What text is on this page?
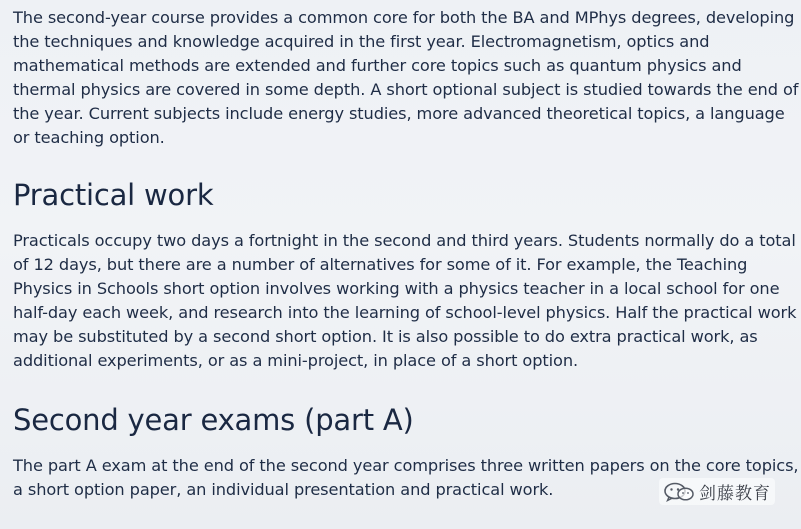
The second-year course provides a common core for both the BA and MPhys degrees, developing the techniques and knowledge acquired in the first year. Electromagnetism, optics and mathematical methods are extended and further core topics such as quantum physics and thermal physics are covered in some depth. A short optional subject is studied towards the end of the year. Current subjects include energy studies, more advanced theoretical topics, a language or teaching option.

Practical work

Practicals occupy two days a fortnight in the second and third years. Students normally do a total of 12 days, but there are a number of alternatives for some of it. For example, the Teaching Physics in Schools short option involves working with a physics teacher in a local school for one half-day each week, and research into the learning of school-level physics. Half the practical work may be substituted by a second short option. It is also possible to do extra practical work, as additional experiments, or as a mini-project, in place of a short option.

Second year exams (part A)

The part A exam at the end of the second year comprises three written papers on the core topics, a short option paper, an individual presentation and practical work.	剑藤教育
